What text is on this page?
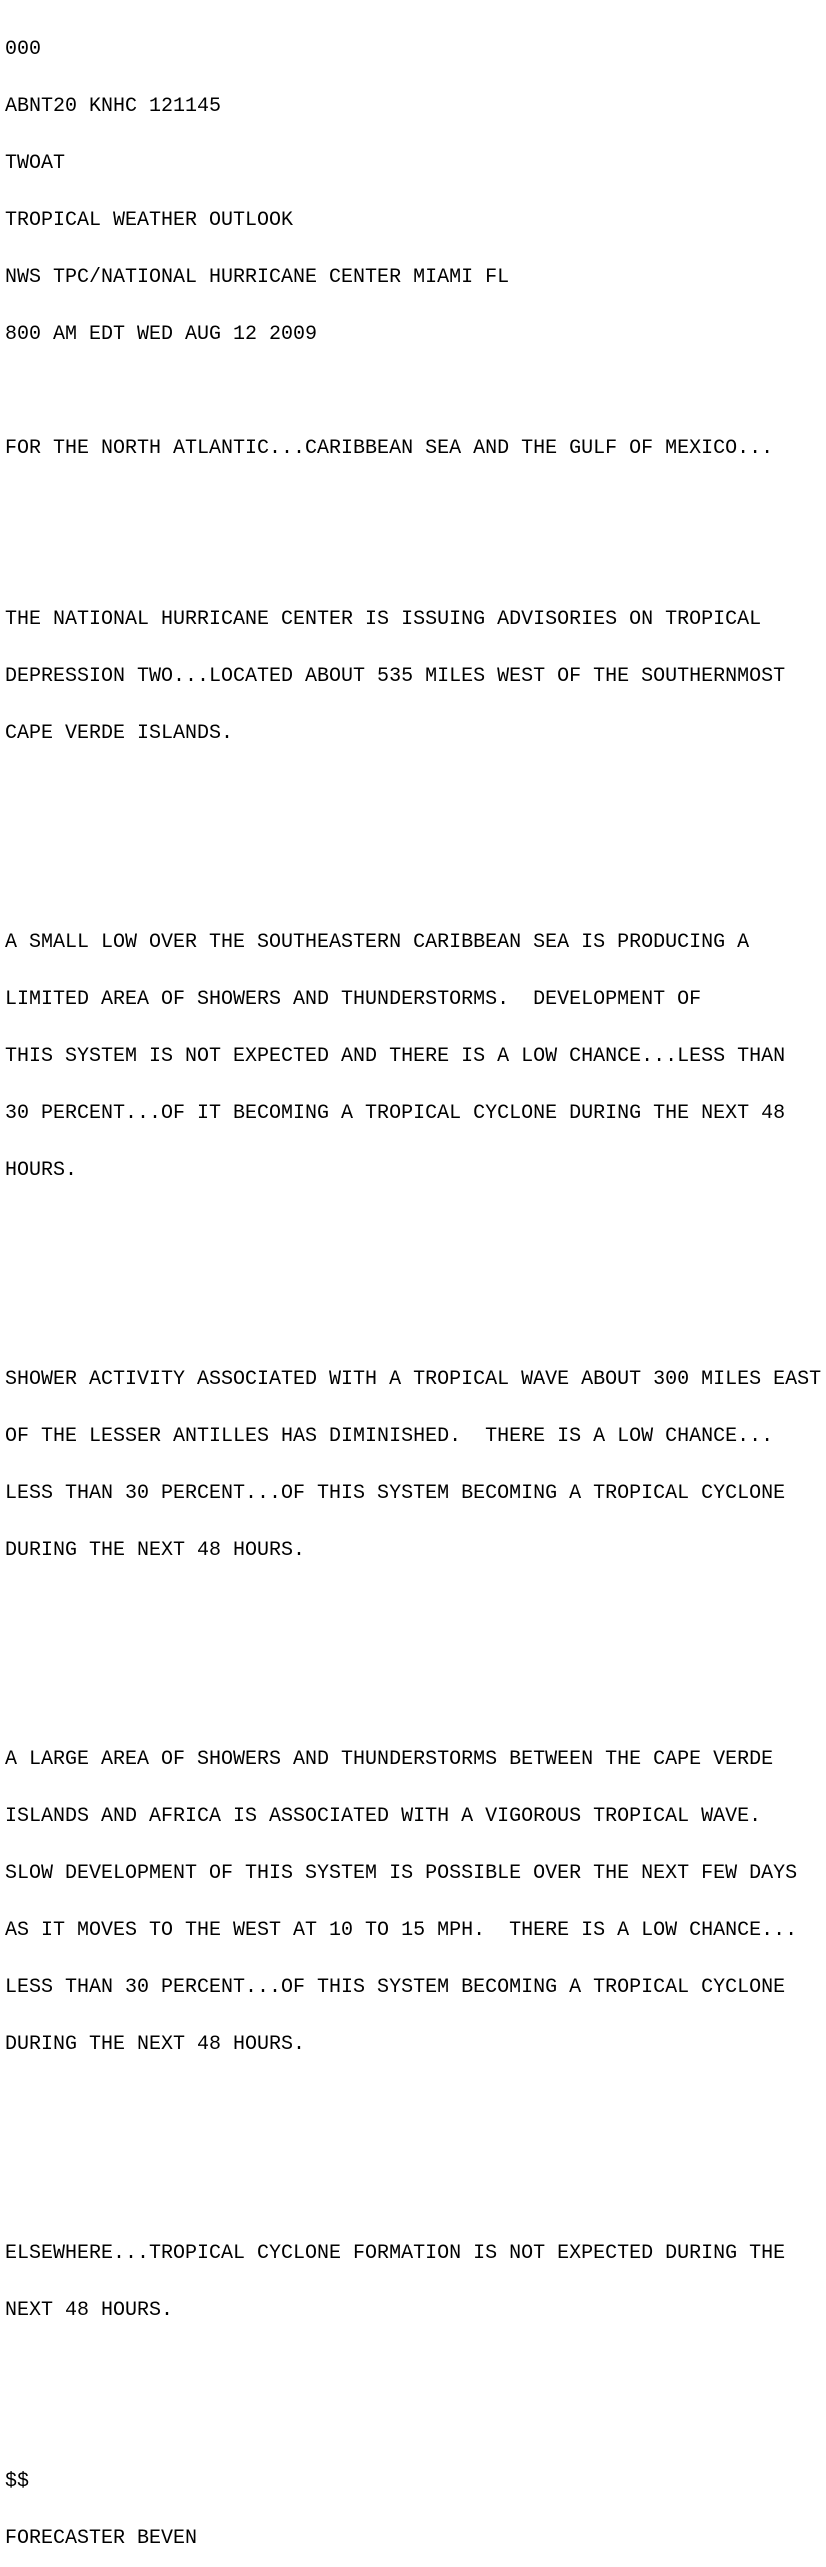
000

ABNT20 KNHC 121145

TWOAT

TROPICAL WEATHER OUTLOOK

NWS TPC/NATIONAL HURRICANE CENTER MIAMI FL

800 AM EDT WED AUG 12 2009

FOR THE NORTH ATLANTIC...CARIBBEAN SEA AND THE GULF OF MEXICO...

THE NATIONAL HURRICANE CENTER IS ISSUING ADVISORIES ON TROPICAL

DEPRESSION TWO...LOCATED ABOUT 535 MILES WEST OF THE SOUTHERNMOST

CAPE VERDE ISLANDS.

A SMALL LOW OVER THE SOUTHEASTERN CARIBBEAN SEA IS PRODUCING A

LIMITED AREA OF SHOWERS AND THUNDERSTORMS.  DEVELOPMENT OF

THIS SYSTEM IS NOT EXPECTED AND THERE IS A LOW CHANCE...LESS THAN

30 PERCENT...OF IT BECOMING A TROPICAL CYCLONE DURING THE NEXT 48

HOURS.

SHOWER ACTIVITY ASSOCIATED WITH A TROPICAL WAVE ABOUT 300 MILES EAST

OF THE LESSER ANTILLES HAS DIMINISHED.  THERE IS A LOW CHANCE...

LESS THAN 30 PERCENT...OF THIS SYSTEM BECOMING A TROPICAL CYCLONE

DURING THE NEXT 48 HOURS.

A LARGE AREA OF SHOWERS AND THUNDERSTORMS BETWEEN THE CAPE VERDE

ISLANDS AND AFRICA IS ASSOCIATED WITH A VIGOROUS TROPICAL WAVE.

SLOW DEVELOPMENT OF THIS SYSTEM IS POSSIBLE OVER THE NEXT FEW DAYS

AS IT MOVES TO THE WEST AT 10 TO 15 MPH.  THERE IS A LOW CHANCE...

LESS THAN 30 PERCENT...OF THIS SYSTEM BECOMING A TROPICAL CYCLONE

DURING THE NEXT 48 HOURS.

ELSEWHERE...TROPICAL CYCLONE FORMATION IS NOT EXPECTED DURING THE

NEXT 48 HOURS.

$$

FORECASTER BEVEN
